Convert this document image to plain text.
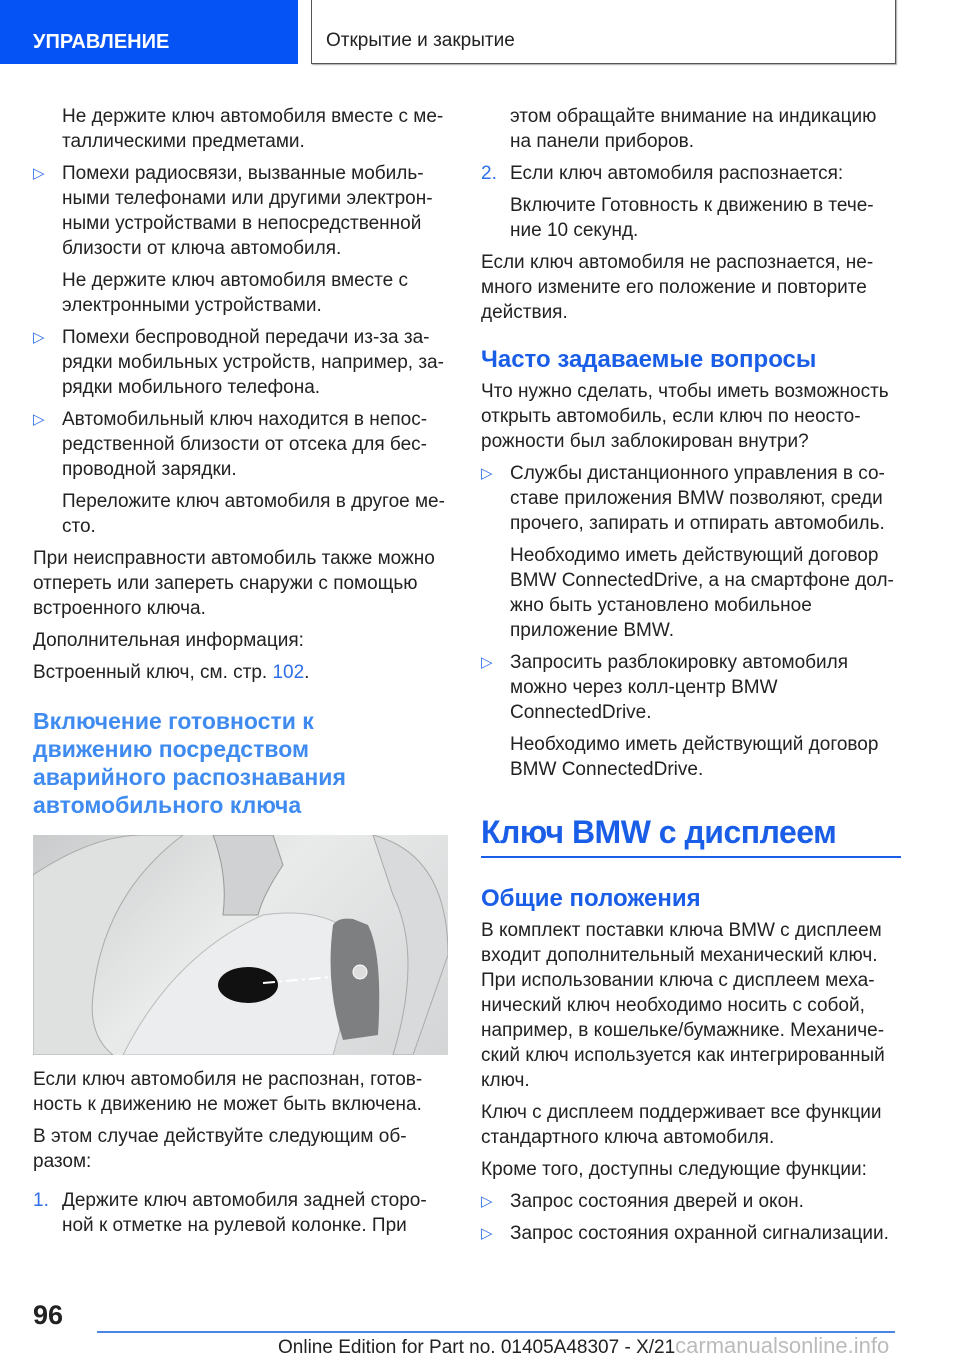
УПРАВЛЕНИЕ	Открытие и закрытие

Не держите ключ автомобиля вместе с ме-
таллическими предметами.

▷ Помехи радиосвязи, вызванные мобиль-
ными телефонами или другими электрон-
ными устройствами в непосредственной
близости от ключа автомобиля.

Не держите ключ автомобиля вместе с
электронными устройствами.

▷ Помехи беспроводной передачи из-за за-
рядки мобильных устройств, например, за-
рядки мобильного телефона.
▷ Автомобильный ключ находится в непос-
редственной близости от отсека для бес-
проводной зарядки.

Переложите ключ автомобиля в другое ме-
сто.

При неисправности автомобиль также можно
отпереть или запереть снаружи с помощью
встроенного ключа.

Дополнительная информация:

Встроенный ключ, см. стр. 102.

Включение готовности к
движению посредством
аварийного распознавания
автомобильного ключа

Если ключ автомобиля не распознан, готов-
ность к движению не может быть включена.

В этом случае действуйте следующим об-
разом:

1. Держите ключ автомобиля задней сторо-
ной к отметке на рулевой колонке. При

этом обращайте внимание на индикацию
на панели приборов.

2. Если ключ автомобиля распознается:

Включите Готовность к движению в тече-
ние 10 секунд.

Если ключ автомобиля не распознается, не-
много измените его положение и повторите
действия.

Часто задаваемые вопросы

Что нужно сделать, чтобы иметь возможность
открыть автомобиль, если ключ по неосто-
рожности был заблокирован внутри?

▷ Службы дистанционного управления в со-
ставе приложения BMW позволяют, среди
прочего, запирать и отпирать автомобиль.

Необходимо иметь действующий договор
BMW ConnectedDrive, а на смартфоне дол-
жно быть установлено мобильное
приложение BMW.

▷ Запросить разблокировку автомобиля
можно через колл-центр BMW
ConnectedDrive.

Необходимо иметь действующий договор
BMW ConnectedDrive.

Ключ BMW с дисплеем
Общие положения

В комплект поставки ключа BMW с дисплеем
входит дополнительный механический ключ.
При использовании ключа с дисплеем меха-
нический ключ необходимо носить с собой,
например, в кошельке/бумажнике. Механиче-
ский ключ используется как интегрированный
ключ.

Ключ с дисплеем поддерживает все функции
стандартного ключа автомобиля.

Кроме того, доступны следующие функции:

▷ Запрос состояния дверей и окон.
▷ Запрос состояния охранной сигнализации.
96
Online Edition for Part no. 01405A48307 - X/21carmanualsonline.info
